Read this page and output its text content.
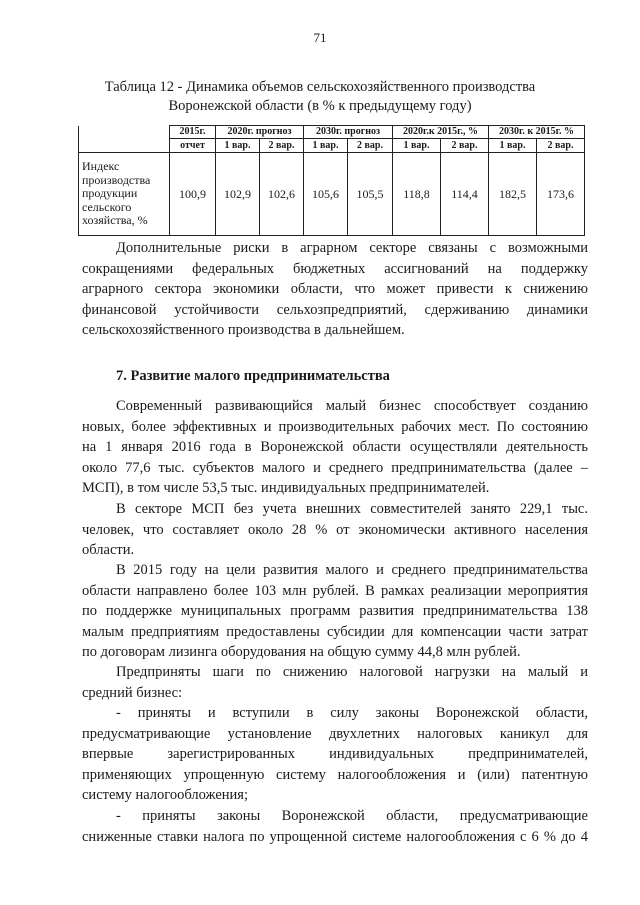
71
Таблица 12 - Динамика объемов сельскохозяйственного производства
Воронежской области (в % к предыдущему году)
	2015г.	2020г. прогноз		2030г. прогноз		2020г.к 2015г., %		2030г. к 2015г. %	
	отчет	1 вар.	2 вар.	1 вар.	2 вар.	1 вар.	2 вар.	1 вар.	2 вар.

Индекс
производства
продукции
сельского
хозяйства, %	100,9	102,9	102,6	105,6	105,5	118,8	114,4	182,5	173,6
Дополнительные риски в аграрном секторе связаны с возможными
сокращениями федеральных бюджетных ассигнований на поддержку
аграрного сектора экономики области, что может привести к снижению
финансовой устойчивости сельхозпредприятий, сдерживанию динамики
сельскохозяйственного производства в дальнейшем.
7. Развитие малого предпринимательства
Современный развивающийся малый бизнес способствует созданию
новых, более эффективных и производительных рабочих мест. По состоянию
на 1 января 2016 года в Воронежской области осуществляли деятельность
около 77,6 тыс. субъектов малого и среднего предпринимательства (далее –
МСП), в том числе 53,5 тыс. индивидуальных предпринимателей.
В секторе МСП без учета внешних совместителей занято 229,1 тыс.
человек, что составляет около 28 % от экономически активного населения
области.
В 2015 году на цели развития малого и среднего предпринимательства
области направлено более 103 млн рублей. В рамках реализации мероприятия
по поддержке муниципальных программ развития предпринимательства 138
малым предприятиям предоставлены субсидии для компенсации части затрат
по договорам лизинга оборудования на общую сумму 44,8 млн рублей.
Предприняты шаги по снижению налоговой нагрузки на малый и
средний бизнес:
- приняты и вступили в силу законы Воронежской области,
предусматривающие установление двухлетних налоговых каникул для
впервые зарегистрированных индивидуальных предпринимателей,
применяющих упрощенную систему налогообложения и (или) патентную
систему налогообложения;
- приняты законы Воронежской области, предусматривающие
сниженные ставки налога по упрощенной системе налогообложения с 6 % до 4
